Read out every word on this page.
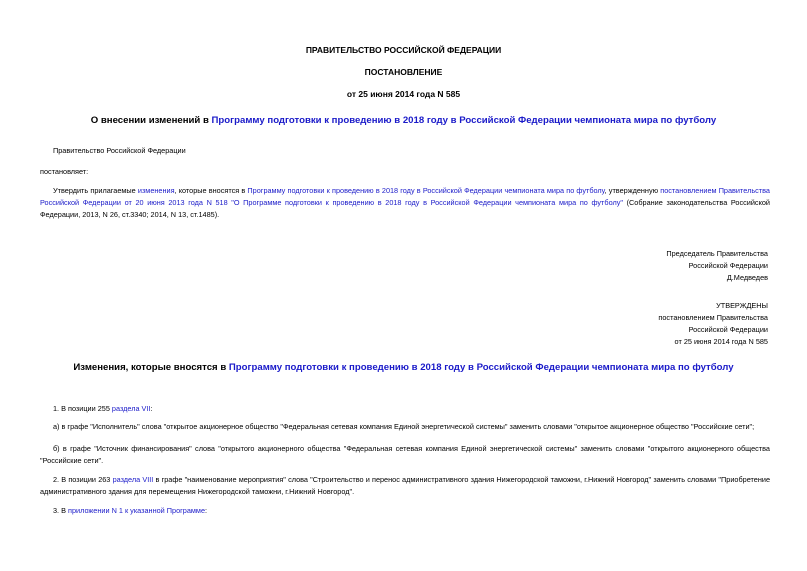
ПРАВИТЕЛЬСТВО РОССИЙСКОЙ ФЕДЕРАЦИИ
ПОСТАНОВЛЕНИЕ
от 25 июня 2014 года N 585
О внесении изменений в Программу подготовки к проведению в 2018 году в Российской Федерации чемпионата мира по футболу
Правительство Российской Федерации
постановляет:
Утвердить прилагаемые изменения, которые вносятся в Программу подготовки к проведению в 2018 году в Российской Федерации чемпионата мира по футболу, утвержденную постановлением Правительства Российской Федерации от 20 июня 2013 года N 518 "О Программе подготовки к проведению в 2018 году в Российской Федерации чемпионата мира по футболу" (Собрание законодательства Российской Федерации, 2013, N 26, ст.3340; 2014, N 13, ст.1485).
Председатель Правительства
Российской Федерации
Д.Медведев
УТВЕРЖДЕНЫ
постановлением Правительства
Российской Федерации
от 25 июня 2014 года N 585
Изменения, которые вносятся в Программу подготовки к проведению в 2018 году в Российской Федерации чемпионата мира по футболу
1. В позиции 255 раздела VII:
а) в графе "Исполнитель" слова "открытое акционерное общество "Федеральная сетевая компания Единой энергетической системы" заменить словами "открытое акционерное общество "Российские сети";
б) в графе "Источник финансирования" слова "открытого акционерного общества "Федеральная сетевая компания Единой энергетической системы" заменить словами "открытого акционерного общества "Российские сети".
2. В позиции 263 раздела VIII в графе "наименование мероприятия" слова "Строительство и перенос административного здания Нижегородской таможни, г.Нижний Новгород" заменить словами "Приобретение административного здания для перемещения Нижегородской таможни, г.Нижний Новгород".
3. В приложении N 1 к указанной Программе:
